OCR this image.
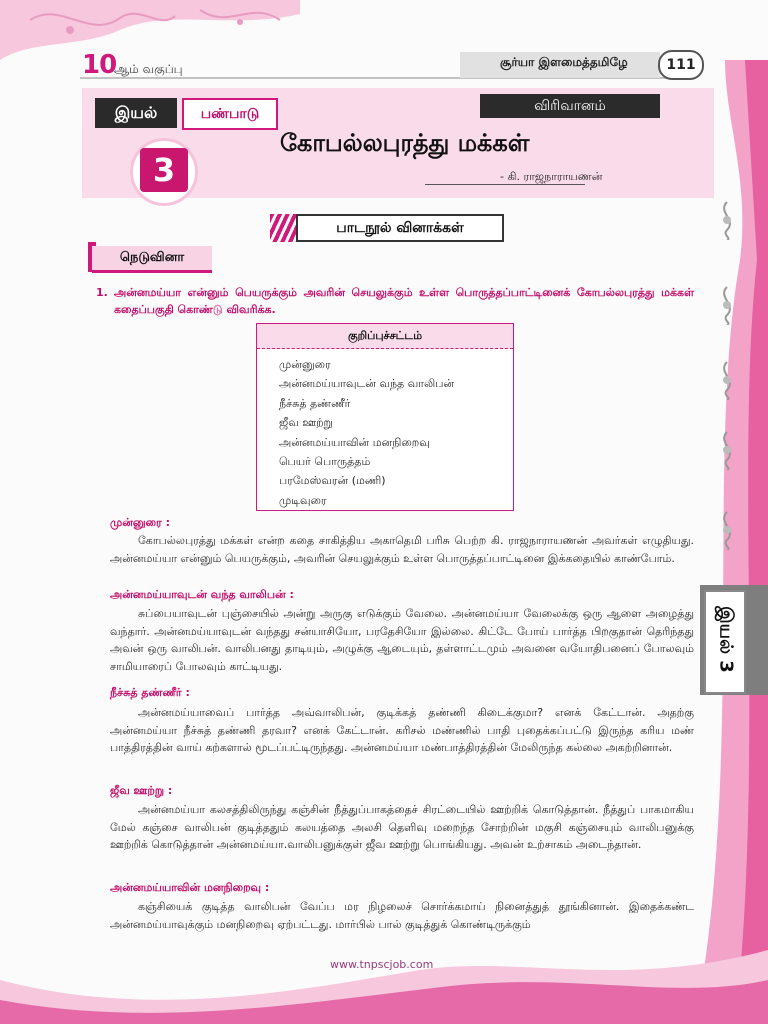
10
ஆம் வகுப்பு	சூர்யா இளமைத்தமிழே	111
இயல்	பண்பாடு
3
விரிவானம்
கோபல்லபுரத்து மக்கள்
- கி. ராஜநாராயணன்
பாடநூல் வினாக்கள்
நெடுவினா
1. அன்னமய்யா என்னும் பெயருக்கும் அவரின் செயலுக்கும் உள்ள பொருத்தப்பாட்டினைக் கோபல்லபுரத்து மக்கள் கதைப்பகுதி கொண்டு விவரிக்க.
குறிப்புச்சட்டம்
முன்னுரை
அன்னமய்யாவுடன் வந்த வாலிபன்
நீச்சுத் தண்ணீர்
ஜீவ ஊற்று
அன்னமய்யாவின் மனநிறைவு
பெயர் பொருத்தம்
பரமேஸ்வரன் (மணி)
முடிவுரை
முன்னுரை :
கோபல்லபுரத்து மக்கள் என்ற கதை சாகித்திய அகாதெமி பரிசு பெற்ற கி. ராஜநாராயணன் அவர்கள் எழுதியது. அன்னமய்யா என்னும் பெயருக்கும், அவரின் செயலுக்கும் உள்ள பொருத்தப்பாட்டினை இக்கதையில் காண்போம்.
அன்னமய்யாவுடன் வந்த வாலிபன் :
சுப்பையாவுடன் புஞ்சையில் அன்று அருகு எடுக்கும் வேலை. அன்னமய்யா வேலைக்கு ஒரு ஆளை அழைத்து வந்தார். அன்னமய்யாவுடன் வந்தது சன்யாசியோ, பரதேசியோ இல்லை. கிட்டே போய் பார்த்த பிறகுதான் தெரிந்தது அவன் ஒரு வாலிபன். வாலிபனது தாடியும், அழுக்கு ஆடையும், தள்ளாட்டமும் அவனை வயோதிபனைப் போலவும் சாமியாரைப் போலவும் காட்டியது.
நீச்சுத் தண்ணீர் :
அன்னமய்யாவைப் பார்த்த அவ்வாலிபன், குடிக்கத் தண்ணி கிடைக்குமா? எனக் கேட்டான். அதற்கு அன்னமய்யா நீச்சுத் தண்ணி தரவா? எனக் கேட்டான். கரிசல் மண்ணில் பாதி புதைக்கப்பட்டு இருந்த கரிய மண் பாத்திரத்தின் வாய் கற்களால் மூடப்பட்டிருந்தது. அன்னமய்யா மண்பாத்திரத்தின் மேலிருந்த கல்லை அகற்றினான்.
ஜீவ ஊற்று :
அன்னமய்யா கலசத்திலிருந்து கஞ்சின் நீத்துப்பாகத்தைச் சிரட்டையில் ஊற்றிக் கொடுத்தான். நீத்துப் பாகமாகிய மேல் கஞ்சை வாலிபன் குடித்ததும் கலயத்தை அலசி தெளிவு மறைந்த சோற்றின் மகுசி கஞ்சையும் வாலிபனுக்கு ஊற்றிக் கொடுத்தான் அன்னமய்யா.வாலிபனுக்குள் ஜீவ ஊற்று பொங்கியது. அவன் உற்சாகம் அடைந்தான்.
அன்னமய்யாவின் மனநிறைவு :
கஞ்சியைக் குடித்த வாலிபன் வேப்ப மர நிழலைச் சொர்க்கமாய் நினைத்துத் தூங்கினான். இதைக்கண்ட அன்னமய்யாவுக்கும் மனநிறைவு ஏற்பட்டது. மார்பில் பால் குடித்துக் கொண்டிருக்கும்
இயல் 3
www.tnpscjob.com
